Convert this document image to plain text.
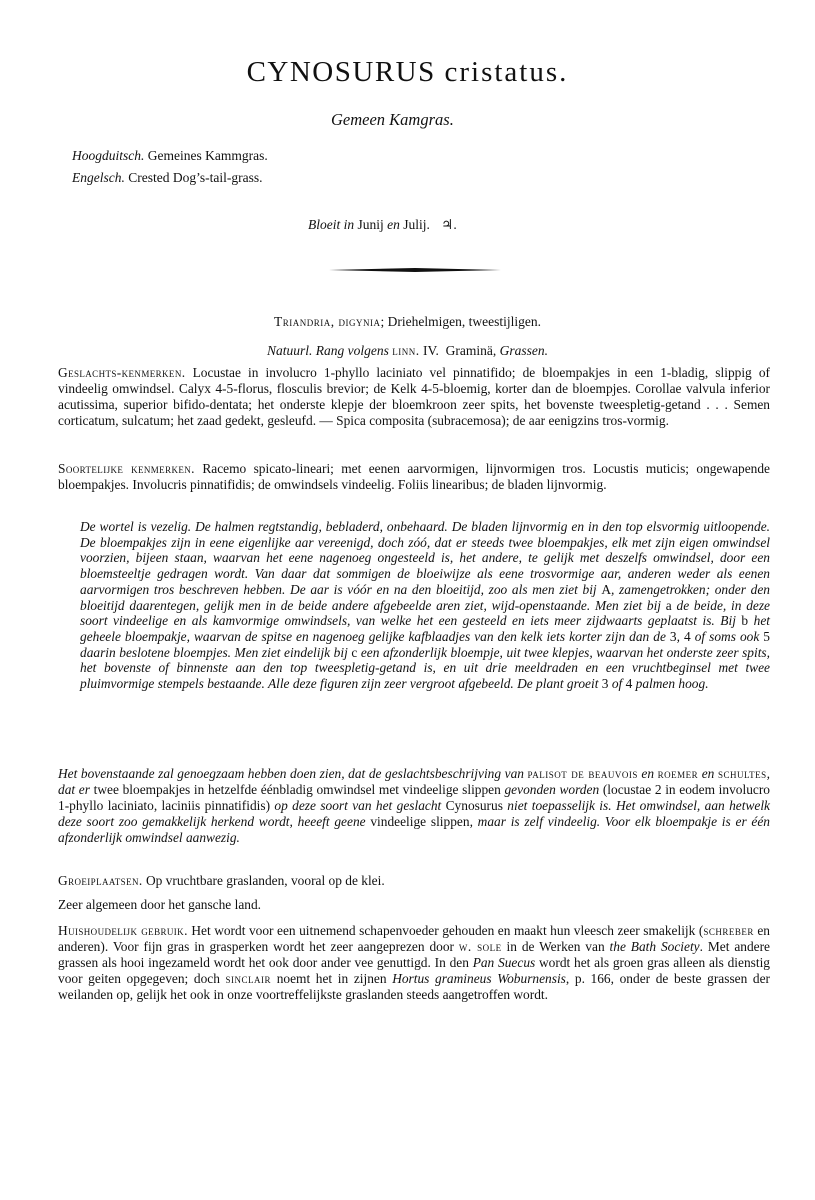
CYNOSURUS cristatus.
Gemeen Kamgras.
Hoogduitsch. Gemeines Kammgras.
Engelsch. Crested Dog’s-tail-grass.
Bloeit in Junij en Julij. ♃.
Triandria, digynia; Driehelmigen, tweestijligen.
Natuurl. Rang volgens linn. IV.  Graminä, Grassen.
Geslachts-kenmerken. Locustae in involucro 1-phyllo laciniato vel pinnatifido; de bloempakjes in een 1-bladig, slippig of vindeelig omwindsel. Calyx 4-5-florus, flosculis brevior; de Kelk 4-5-bloemig, korter dan de bloempjes. Corollae valvula inferior acutissima, superior bifido-dentata; het onderste klepje der bloemkroon zeer spits, het bovenste tweespletig-getand . . . Semen corticatum, sulcatum; het zaad gedekt, gesleufd. — Spica composita (subracemosa); de aar eenigzins tros-vormig.
Soortelijke kenmerken. Racemo spicato-lineari; met eenen aarvormigen, lijnvormigen tros. Locustis muticis; ongewapende bloempakjes. Involucris pinnatifidis; de omwindsels vindeelig. Foliis linearibus; de bladen lijnvormig.
De wortel is vezelig. De halmen regtstandig, bebladerd, onbehaard. De bladen lijnvormig en in den top elsvormig uitloopende. De bloempakjes zijn in eene eigenlijke aar vereenigd, doch zóó, dat er steeds twee bloempakjes, elk met zijn eigen omwindsel voorzien, bijeen staan, waarvan het eene nagenoeg ongesteeld is, het andere, te gelijk met deszelfs omwindsel, door een bloemsteeltje gedragen wordt. Van daar dat sommigen de bloeiwijze als eene trosvormige aar, anderen weder als eenen aarvormigen tros beschreven hebben. De aar is vóór en na den bloeitijd, zoo als men ziet bij A, zamengetrokken; onder den bloeitijd daarentegen, gelijk men in de beide andere afgebeelde aren ziet, wijd-openstaande. Men ziet bij a de beide, in deze soort vindeelige en als kamvormige omwindsels, van welke het een gesteeld en iets meer zijdwaarts geplaatst is. Bij b het geheele bloempakje, waarvan de spitse en nagenoeg gelijke kafblaadjes van den kelk iets korter zijn dan de 3, 4 of soms ook 5 daarin beslotene bloempjes. Men ziet eindelijk bij c een afzonderlijk bloempje, uit twee klepjes, waarvan het onderste zeer spits, het bovenste of binnenste aan den top tweespletig-getand is, en uit drie meeldraden en een vruchtbeginsel met twee pluimvormige stempels bestaande. Alle deze figuren zijn zeer vergroot afgebeeld. De plant groeit 3 of 4 palmen hoog.
Het bovenstaande zal genoegzaam hebben doen zien, dat de geslachtsbeschrijving van palisot de beauvois en roemer en schultes, dat er twee bloempakjes in hetzelfde éénbladig omwindsel met vindeelige slippen gevonden worden (locustae 2 in eodem involucro 1-phyllo laciniato, laciniis pinnatifidis) op deze soort van het geslacht Cynosurus niet toepasselijk is. Het omwindsel, aan hetwelk deze soort zoo gemakkelijk herkend wordt, heeeft geene vindeelige slippen, maar is zelf vindeelig. Voor elk bloempakje is er één afzonderlijk omwindsel aanwezig.
Groeiplaatsen. Op vruchtbare graslanden, vooral op de klei.
Zeer algemeen door het gansche land.
Huishoudelijk gebruik. Het wordt voor een uitnemend schapenvoeder gehouden en maakt hun vleesch zeer smakelijk (schreber en anderen). Voor fijn gras in grasperken wordt het zeer aangeprezen door w. sole in de Werken van the Bath Society. Met andere grassen als hooi ingezameld wordt het ook door ander vee genuttigd. In den Pan Suecus wordt het als groen gras alleen als dienstig voor geiten opgegeven; doch sinclair noemt het in zijnen Hortus gramineus Woburnensis, p. 166, onder de beste grassen der weilanden op, gelijk het ook in onze voortreffelijkste graslanden steeds aangetroffen wordt.
